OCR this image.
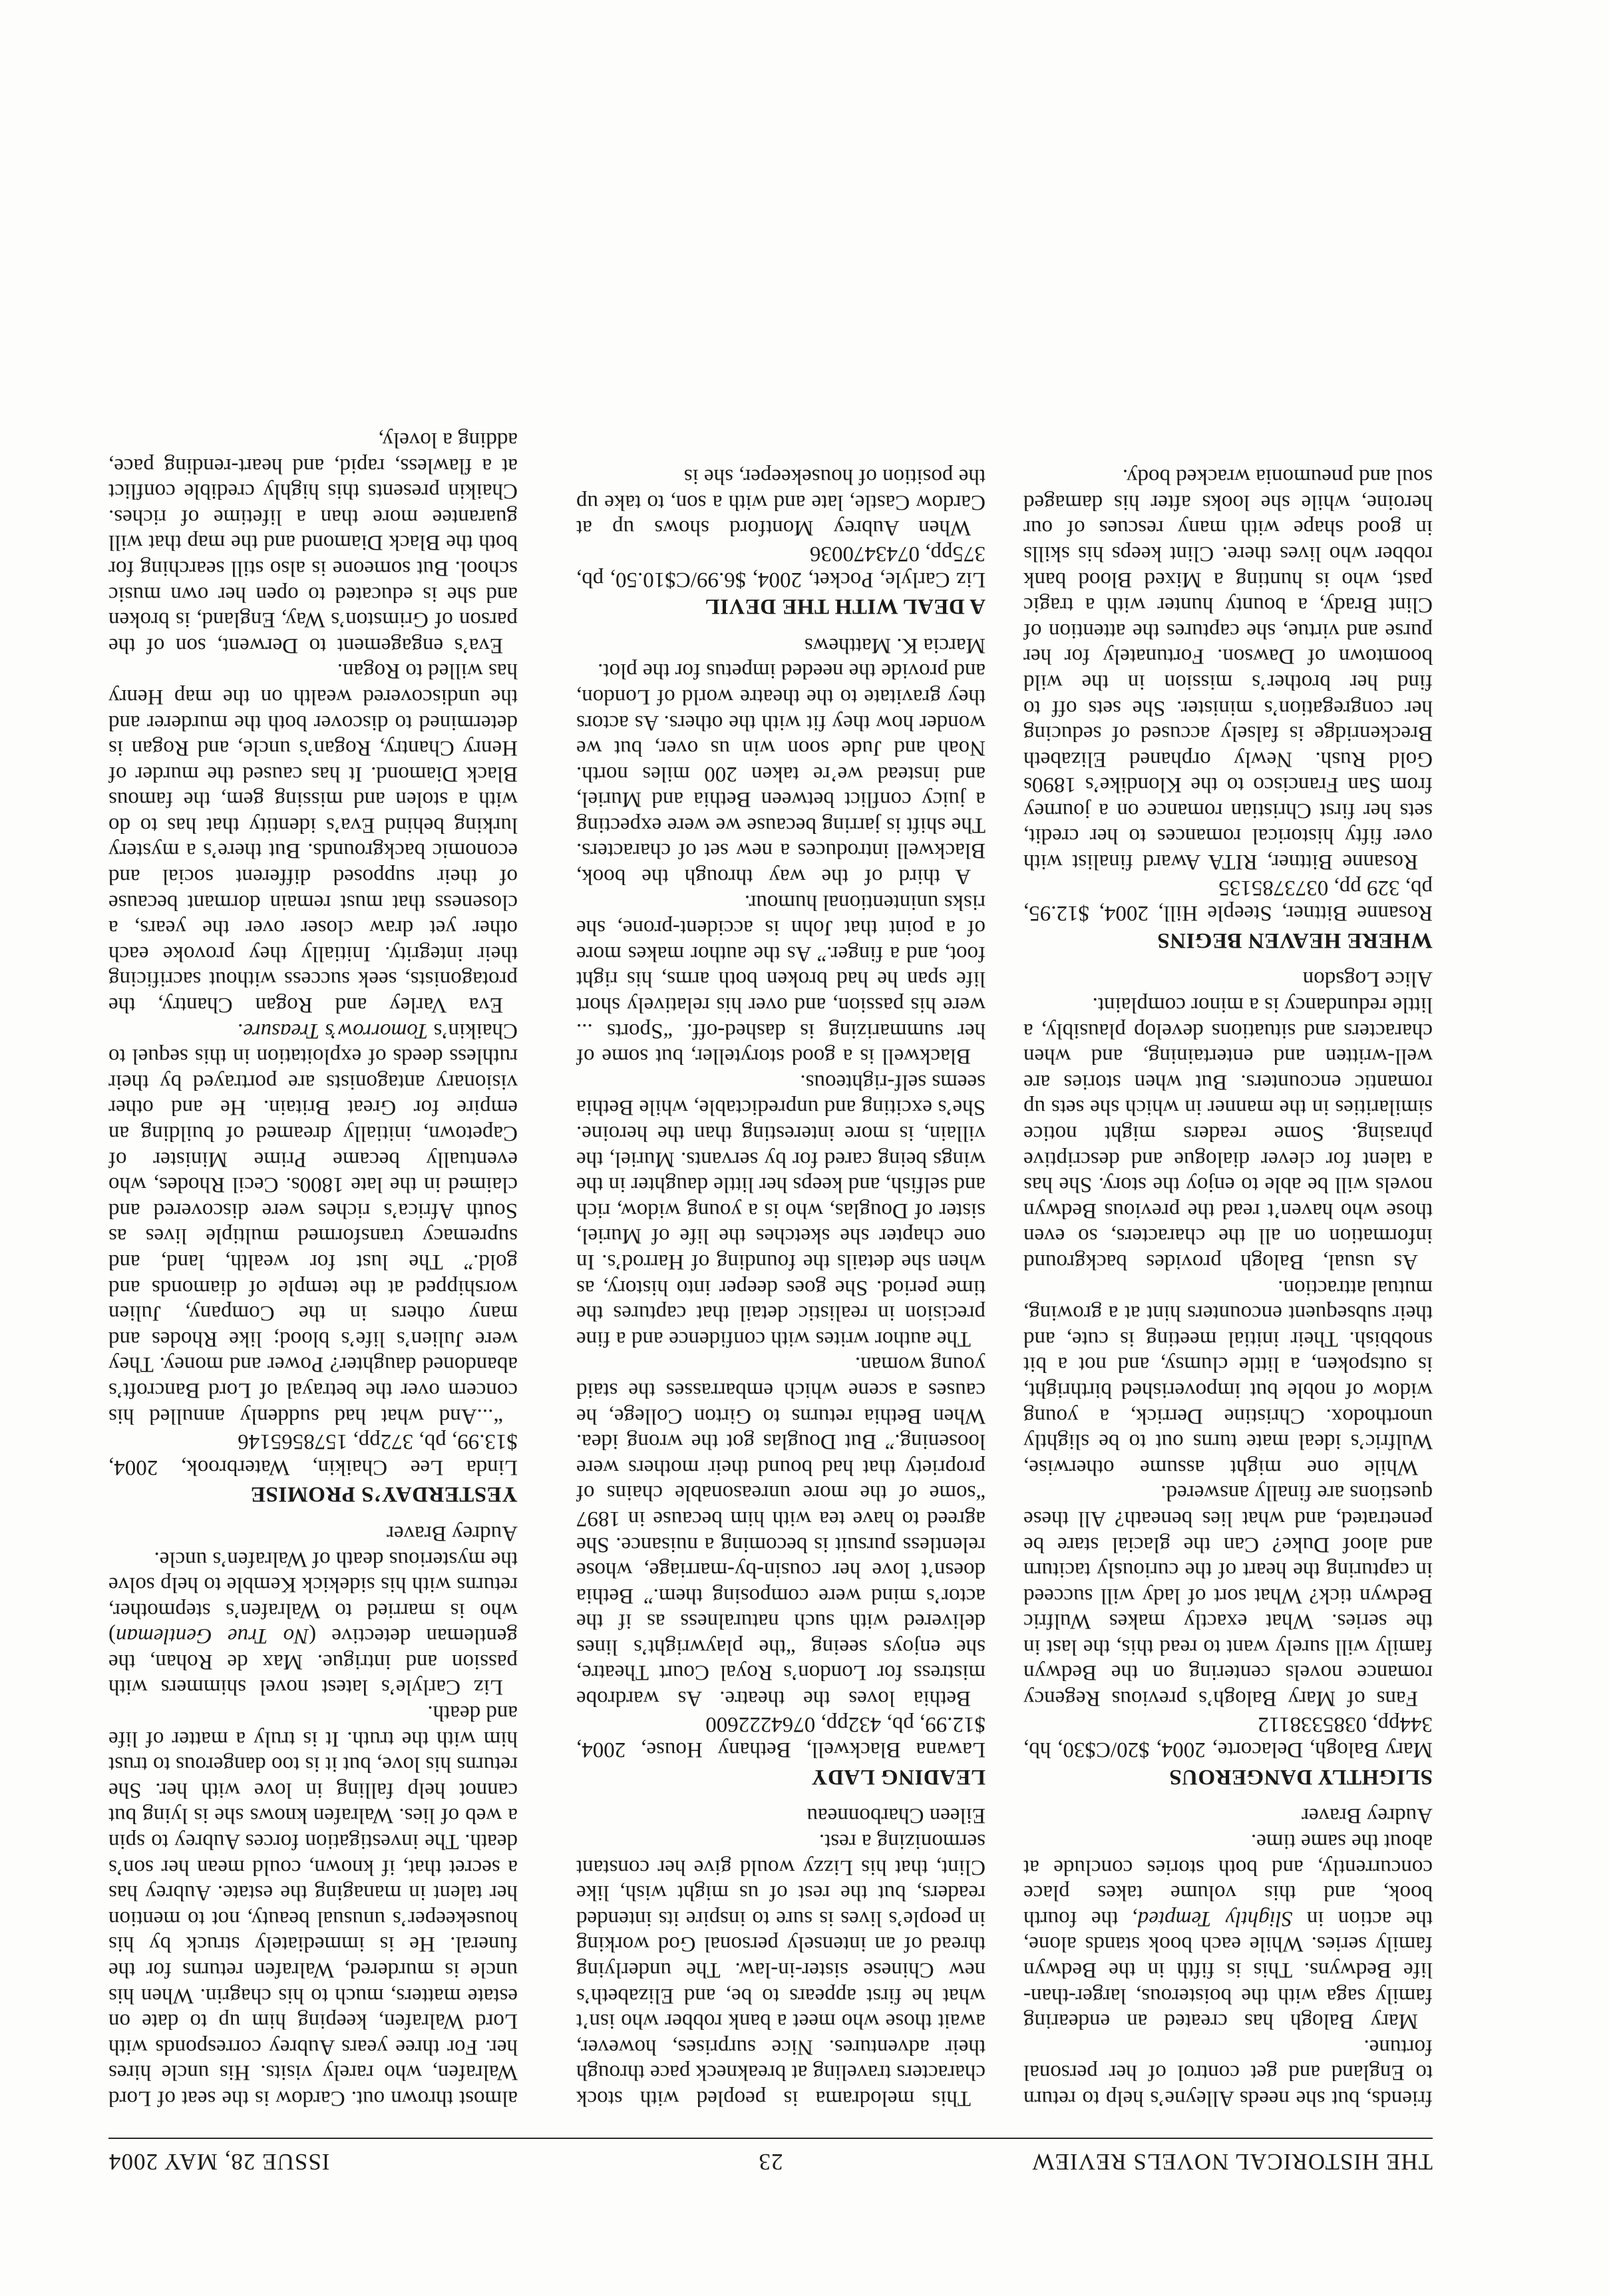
THE HISTORICAL NOVELS REVIEW
23
ISSUE 28, MAY 2004

friends, but she needs Alleyne’s help to return to England and get control of her personal fortune.

Mary Balogh has created an endearing family saga with the boisterous, larger-than-life Bedwyns. This is fifth in the Bedwyn family series. While each book stands alone, the action in Slightly Tempted, the fourth book, and this volume takes place concurrently, and both stories conclude at about the same time.

Audrey Braver

SLIGHTLY DANGEROUS

Mary Balogh, Delacorte, 2004, $20/C$30, hb, 344pp, 0385338112

Fans of Mary Balogh’s previous Regency romance novels centering on the Bedwyn family will surely want to read this, the last in the series. What exactly makes Wulfric Bedwyn tick? What sort of lady will succeed in capturing the heart of the curiously taciturn and aloof Duke? Can the glacial stare be penetrated, and what lies beneath? All these questions are finally answered.

While one might assume otherwise, Wulfric’s ideal mate turns out to be slightly unorthodox. Christine Derrick, a young widow of noble but impoverished birthright, is outspoken, a little clumsy, and not a bit snobbish. Their initial meeting is cute, and their subsequent encounters hint at a growing, mutual attraction.

As usual, Balogh provides background information on all the characters, so even those who haven’t read the previous Bedwyn novels will be able to enjoy the story. She has a talent for clever dialogue and descriptive phrasing. Some readers might notice similarities in the manner in which she sets up romantic encounters. But when stories are well-written and entertaining, and when characters and situations develop plausibly, a little redundancy is a minor complaint.

Alice Logsdon

WHERE HEAVEN BEGINS

Rosanne Bittner, Steeple Hill, 2004, $12.95, pb, 329 pp, 0373785135

Rosanne Bittner, RITA Award finalist with over fifty historical romances to her credit, sets her first Christian romance on a journey from San Francisco to the Klondike’s 1890s Gold Rush. Newly orphaned Elizabeth Breckenridge is falsely accused of seducing her congregation’s minister. She sets off to find her brother’s mission in the wild boomtown of Dawson. Fortunately for her purse and virtue, she captures the attention of Clint Brady, a bounty hunter with a tragic past, who is hunting a Mixed Blood bank robber who lives there. Clint keeps his skills in good shape with many rescues of our heroine, while she looks after his damaged soul and pneumonia wracked body.

This melodrama is peopled with stock characters traveling at breakneck pace through their adventures. Nice surprises, however, await those who meet a bank robber who isn’t what he first appears to be, and Elizabeth’s new Chinese sister-in-law. The underlying thread of an intensely personal God working in people’s lives is sure to inspire its intended readers, but the rest of us might wish, like Clint, that his Lizzy would give her constant sermonizing a rest.

Eileen Charbonneau

LEADING LADY

Lawana Blackwell, Bethany House, 2004, $12.99, pb, 432pp, 0764222600

Bethia loves the theatre. As wardrobe mistress for London’s Royal Court Theatre, she enjoys seeing “the playwright’s lines delivered with such naturalness as if the actor’s mind were composing them.” Bethia doesn’t love her cousin-by-marriage, whose relentless pursuit is becoming a nuisance. She agreed to have tea with him because in 1897 “some of the more unreasonable chains of propriety that had bound their mothers were loosening.” But Douglas got the wrong idea. When Bethia returns to Girton College, he causes a scene which embarrasses the staid young woman.

The author writes with confidence and a fine precision in realistic detail that captures the time period. She goes deeper into history, as when she details the founding of Harrod’s. In one chapter she sketches the life of Muriel, sister of Douglas, who is a young widow, rich and selfish, and keeps her little daughter in the wings being cared for by servants. Muriel, the villain, is more interesting than the heroine. She’s exciting and unpredictable, while Bethia seems self-righteous.

Blackwell is a good storyteller, but some of her summarizing is dashed-off. “Sports ... were his passion, and over his relatively short life span he had broken both arms, his right foot, and a finger.” As the author makes more of a point that John is accident-prone, she risks unintentional humour.

A third of the way through the book, Blackwell introduces a new set of characters. The shift is jarring because we were expecting a juicy conflict between Bethia and Muriel, and instead we’re taken 200 miles north. Noah and Jude soon win us over, but we wonder how they fit with the others. As actors they gravitate to the theatre world of London, and provide the needed impetus for the plot.

Marcia K. Matthews

A DEAL WITH THE DEVIL

Liz Carlyle, Pocket, 2004, $6.99/C$10.50, pb, 375pp, 0743470036

When Aubrey Montford shows up at Cardow Castle, late and with a son, to take up the position of housekeeper, she is

almost thrown out. Cardow is the seat of Lord Walrafen, who rarely visits. His uncle hires her. For three years Aubrey corresponds with Lord Walrafen, keeping him up to date on estate matters, much to his chagrin. When his uncle is murdered, Walrafen returns for the funeral. He is immediately struck by his housekeeper’s unusual beauty, not to mention her talent in managing the estate. Aubrey has a secret that, if known, could mean her son’s death. The investigation forces Aubrey to spin a web of lies. Walrafen knows she is lying but cannot help falling in love with her. She returns his love, but it is too dangerous to trust him with the truth. It is truly a matter of life and death.

Liz Carlyle’s latest novel shimmers with passion and intrigue. Max de Rohan, the gentleman detective (No True Gentleman) who is married to Walrafen’s stepmother, returns with his sidekick Kemble to help solve the mysterious death of Walrafen’s uncle.

Audrey Braver

YESTERDAY’S PROMISE

Linda Lee Chaikin, Waterbrook, 2004, $13.99, pb, 372pp, 1578565146

“...And what had suddenly annulled his concern over the betrayal of Lord Bancroft’s abandoned daughter? Power and money. They were Julien’s life’s blood; like Rhodes and many others in the Company, Julien worshipped at the temple of diamonds and gold.” The lust for wealth, land, and supremacy transformed multiple lives as South Africa’s riches were discovered and claimed in the late 1800s. Cecil Rhodes, who eventually became Prime Minister of Capetown, initially dreamed of building an empire for Great Britain. He and other visionary antagonists are portrayed by their ruthless deeds of exploitation in this sequel to Chaikin’s Tomorrow’s Treasure.

Eva Varley and Rogan Chantry, the protagonists, seek success without sacrificing their integrity. Initially they provoke each other yet draw closer over the years, a closeness that must remain dormant because of their supposed different social and economic backgrounds. But there’s a mystery lurking behind Eva’s identity that has to do with a stolen and missing gem, the famous Black Diamond. It has caused the murder of Henry Chantry, Rogan’s uncle, and Rogan is determined to discover both the murderer and the undiscovered wealth on the map Henry has willed to Rogan.

Eva’s engagement to Derwent, son of the parson of Grimston’s Way, England, is broken and she is educated to open her own music school. But someone is also still searching for both the Black Diamond and the map that will guarantee more than a lifetime of riches. Chaikin presents this highly credible conflict at a flawless, rapid, and heart-rending pace, adding a lovely,
